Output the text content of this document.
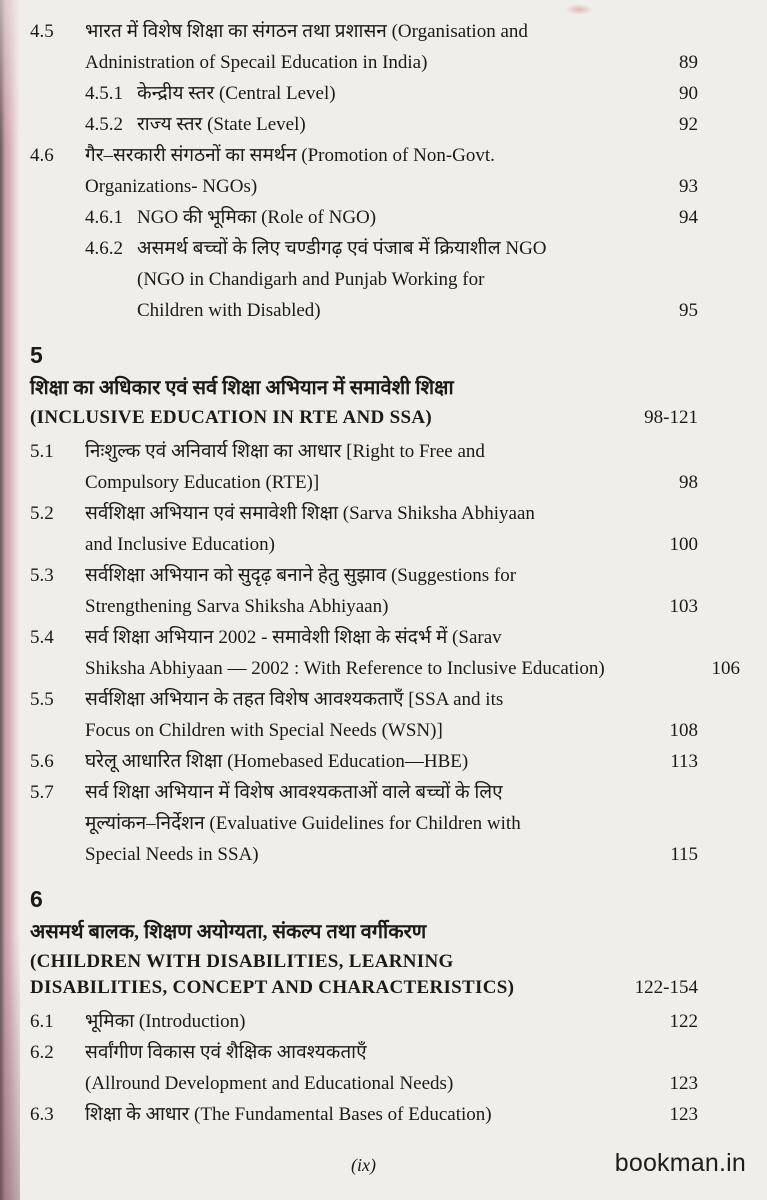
4.5	भारत में विशेष शिक्षा का संगठन तथा प्रशासन (Organisation and
Adninistration of Specail Education in India)	89
4.5.1 केन्द्रीय स्तर (Central Level)	90
4.5.2 राज्य स्तर (State Level)	92
4.6	गैर–सरकारी संगठनों का समर्थन (Promotion of Non-Govt.
Organizations- NGOs)	93
4.6.1 NGO की भूमिका (Role of NGO)	94
4.6.2 असमर्थ बच्चों के लिए चण्डीगढ़ एवं पंजाब में क्रियाशील NGO
(NGO in Chandigarh and Punjab Working for
Children with Disabled)	95
5
शिक्षा का अधिकार एवं सर्व शिक्षा अभियान में समावेशी शिक्षा
(INCLUSIVE EDUCATION IN RTE AND SSA)	98-121
5.1	निःशुल्क एवं अनिवार्य शिक्षा का आधार [Right to Free and
Compulsory Education (RTE)]	98
5.2	सर्वशिक्षा अभियान एवं समावेशी शिक्षा (Sarva Shiksha Abhiyaan
and Inclusive Education)	100
5.3	सर्वशिक्षा अभियान को सुदृढ़ बनाने हेतु सुझाव (Suggestions for
Strengthening Sarva Shiksha Abhiyaan)	103
5.4	सर्व शिक्षा अभियान 2002 - समावेशी शिक्षा के संदर्भ में (Sarav
Shiksha Abhiyaan — 2002 : With Reference to Inclusive Education)	106
5.5	सर्वशिक्षा अभियान के तहत विशेष आवश्यकताएँ [SSA and its
Focus on Children with Special Needs (WSN)]	108
5.6	घरेलू आधारित शिक्षा (Homebased Education—HBE)	113
5.7	सर्व शिक्षा अभियान में विशेष आवश्यकताओं वाले बच्चों के लिए
मूल्यांकन–निर्देशन (Evaluative Guidelines for Children with
Special Needs in SSA)	115
6
असमर्थ बालक, शिक्षण अयोग्यता, संकल्प तथा वर्गीकरण
(CHILDREN WITH DISABILITIES, LEARNING
DISABILITIES, CONCEPT AND CHARACTERISTICS)	122-154
6.1	भूमिका (Introduction)	122
6.2	सर्वांगीण विकास एवं शैक्षिक आवश्यकताएँ
(Allround Development and Educational Needs)	123
6.3	शिक्षा के आधार (The Fundamental Bases of Education)	123
(ix)	bookman.in
